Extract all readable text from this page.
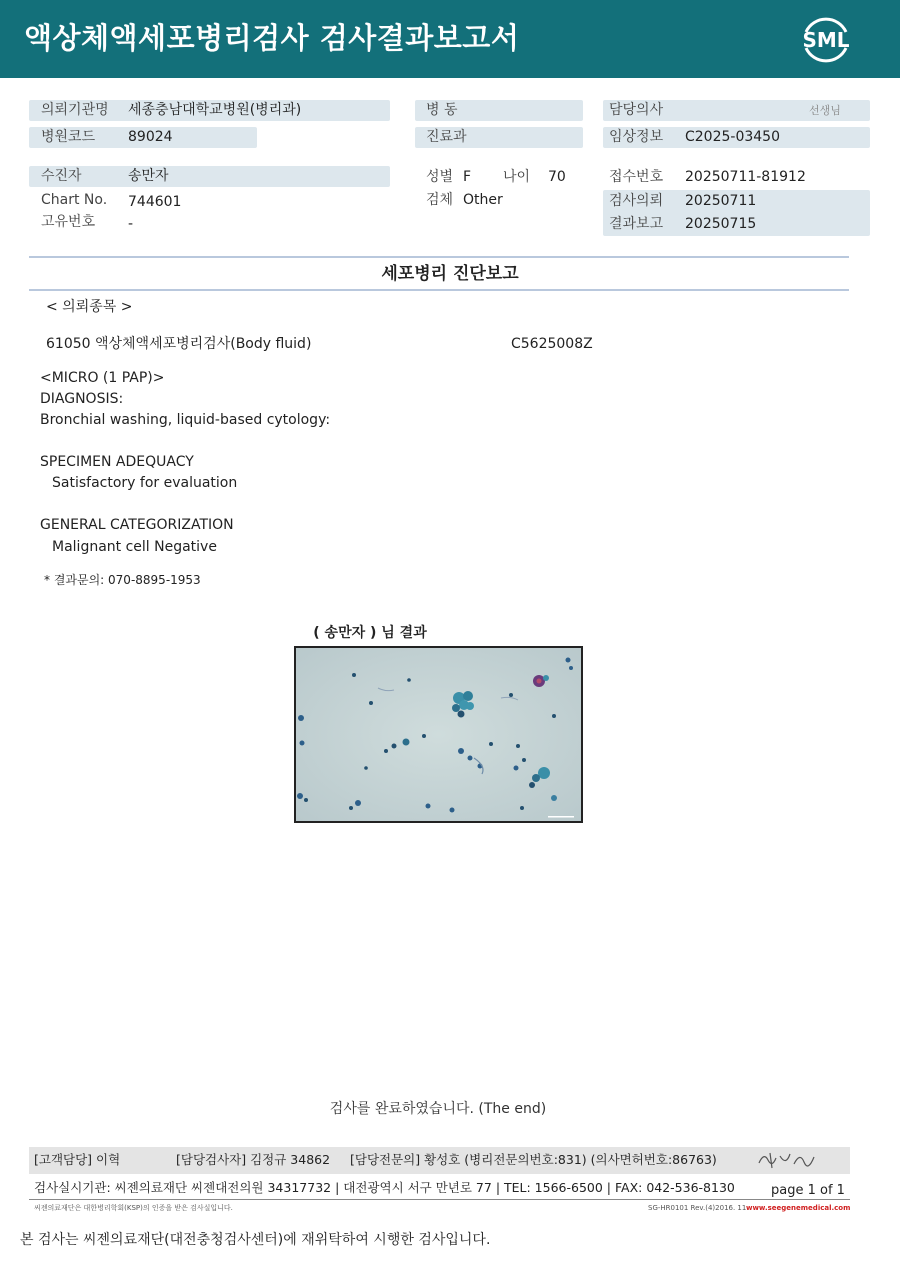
액상체액세포병리검사 검사결과보고서	SML
의뢰기관명 세종충남대학교병원(병리과)
병원코드 89024
수진자	송만자
Chart No. 744601
고유번호 -
병 동
진료과
성별 F 나이 70
검체 Other
담당의사	선생님
임상정보 C2025-03450
접수번호 20250711-81912
검사의뢰 20250711
결과보고 20250715
세포병리 진단보고
< 의뢰종목 >
61050 액상체액세포병리검사(Body fluid)	C5625008Z
<MICRO (1 PAP)>
DIAGNOSIS:
Bronchial washing, liquid-based cytology:
SPECIMEN ADEQUACY
Satisfactory for evaluation
GENERAL CATEGORIZATION
Malignant cell Negative
* 결과문의: 070-8895-1953
( 송만자 ) 님 결과
검사를 완료하였습니다. (The end)
[고객담당] 이혁	[담당검사자] 김정규 34862 [담당전문의] 황성호 (병리전문의번호:831) (의사면허번호:86763)
검사실시기관: 씨젠의료재단 씨젠대전의원 34317732 | 대전광역시 서구 만년로 77 | TEL: 1566-6500 | FAX: 042-536-8130	page 1 of 1
씨젠의료재단은 대한병리학회(KSP)의 인증을 받은 검사실입니다.	SG-HR0101 Rev.(4)2016. 11 www.seegenemedical.com
본 검사는 씨젠의료재단(대전충청검사센터)에 재위탁하여 시행한 검사입니다.
